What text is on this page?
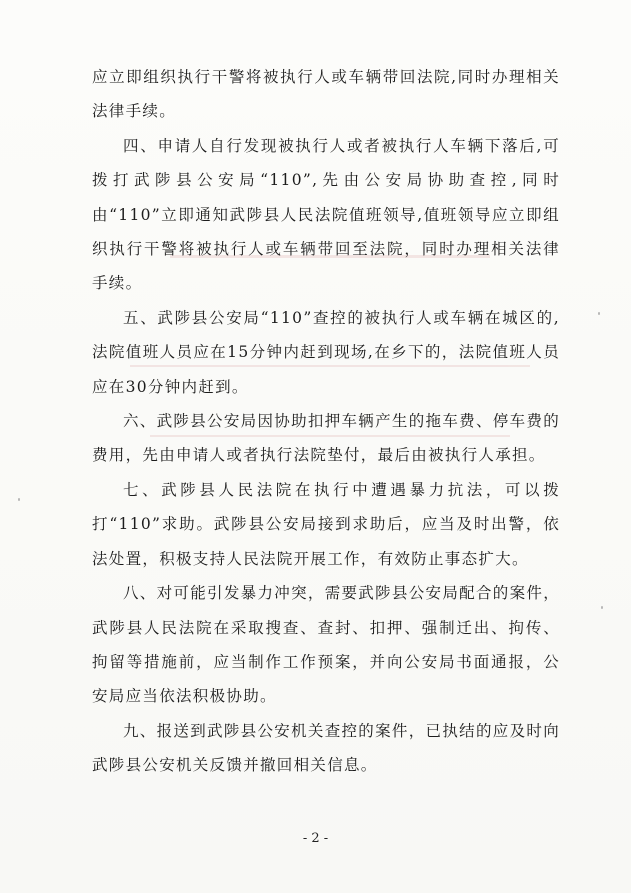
应立即组织执行干警将被执行人或车辆带回法院,同时办理相关法律手续。

四、申请人自行发现被执行人或者被执行人车辆下落后,可拨打武陟县公安局“110”,先由公安局协助查控,同时由“110”立即通知武陟县人民法院值班领导,值班领导应立即组织执行干警将被执行人或车辆带回至法院，同时办理相关法律手续。

五、武陟县公安局“110”查控的被执行人或车辆在城区的,法院值班人员应在15分钟内赶到现场,在乡下的，法院值班人员应在30分钟内赶到。

六、武陟县公安局因协助扣押车辆产生的拖车费、停车费的费用，先由申请人或者执行法院垫付，最后由被执行人承担。

七、武陟县人民法院在执行中遭遇暴力抗法，可以拨打“110”求助。武陟县公安局接到求助后，应当及时出警，依法处置，积极支持人民法院开展工作，有效防止事态扩大。

八、对可能引发暴力冲突，需要武陟县公安局配合的案件，武陟县人民法院在采取搜查、查封、扣押、强制迁出、拘传、拘留等措施前，应当制作工作预案，并向公安局书面通报，公安局应当依法积极协助。

九、报送到武陟县公安机关查控的案件，已执结的应及时向武陟县公安机关反馈并撤回相关信息。

- 2 -
